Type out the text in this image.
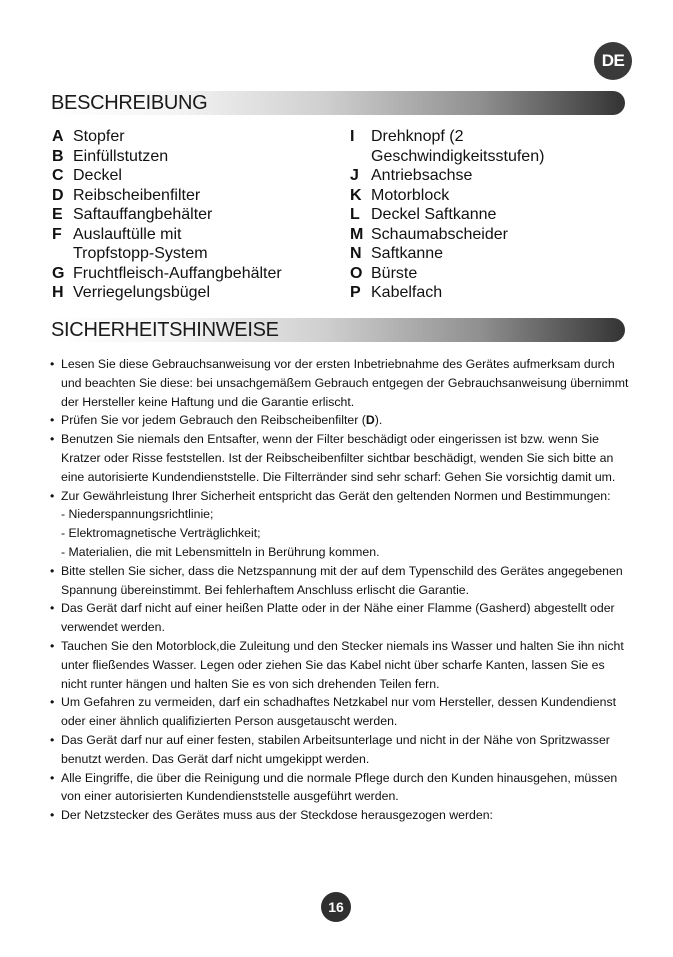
DE
BESCHREIBUNG
A Stopfer
B Einfüllstutzen
C Deckel
D Reibscheibenfilter
E Saftauffangbehälter
F Auslauftülle mit Tropfstopp-System
G Fruchtfleisch-Auffangbehälter
H Verriegelungsbügel
I	Drehknopf (2 Geschwindigkeitsstufen)
J Antriebsachse
K Motorblock
L Deckel Saftkanne
M Schaumabscheider
N Saftkanne
O Bürste
P Kabelfach
SICHERHEITSHINWEISE
• Lesen Sie diese Gebrauchsanweisung vor der ersten Inbetriebnahme des Gerätes aufmerksam durch und beachten Sie diese: bei unsachgemäßem Gebrauch entgegen der Gebrauchsanweisung übernimmt der Hersteller keine Haftung und die Garantie erlischt.
• Prüfen Sie vor jedem Gebrauch den Reibscheibenfilter (D).
• Benutzen Sie niemals den Entsafter, wenn der Filter beschädigt oder eingerissen ist bzw. wenn Sie Kratzer oder Risse feststellen. Ist der Reibscheibenfilter sichtbar beschädigt, wenden Sie sich bitte an eine autorisierte Kundendienststelle. Die Filterränder sind sehr scharf: Gehen Sie vorsichtig damit um.
• Zur Gewährleistung Ihrer Sicherheit entspricht das Gerät den geltenden Normen und Bestimmungen:
- Niederspannungsrichtlinie;
- Elektromagnetische Verträglichkeit;
- Materialien, die mit Lebensmitteln in Berührung kommen.
• Bitte stellen Sie sicher, dass die Netzspannung mit der auf dem Typenschild des Gerätes angegebenen Spannung übereinstimmt. Bei fehlerhaftem Anschluss erlischt die Garantie.
• Das Gerät darf nicht auf einer heißen Platte oder in der Nähe einer Flamme (Gasherd) abgestellt oder verwendet werden.
• Tauchen Sie den Motorblock,die Zuleitung und den Stecker niemals ins Wasser und halten Sie ihn nicht unter fließendes Wasser. Legen oder ziehen Sie das Kabel nicht über scharfe Kanten, lassen Sie es nicht runter hängen und halten Sie es von sich drehenden Teilen fern.
• Um Gefahren zu vermeiden, darf ein schadhaftes Netzkabel nur vom Hersteller, dessen Kundendienst oder einer ähnlich qualifizierten Person ausgetauscht werden.
• Das Gerät darf nur auf einer festen, stabilen Arbeitsunterlage und nicht in der Nähe von Spritzwasser benutzt werden. Das Gerät darf nicht umgekippt werden.
• Alle Eingriffe, die über die Reinigung und die normale Pflege durch den Kunden hinausgehen, müssen von einer autorisierten Kundendienststelle ausgeführt werden.
• Der Netzstecker des Gerätes muss aus der Steckdose herausgezogen werden:
16
